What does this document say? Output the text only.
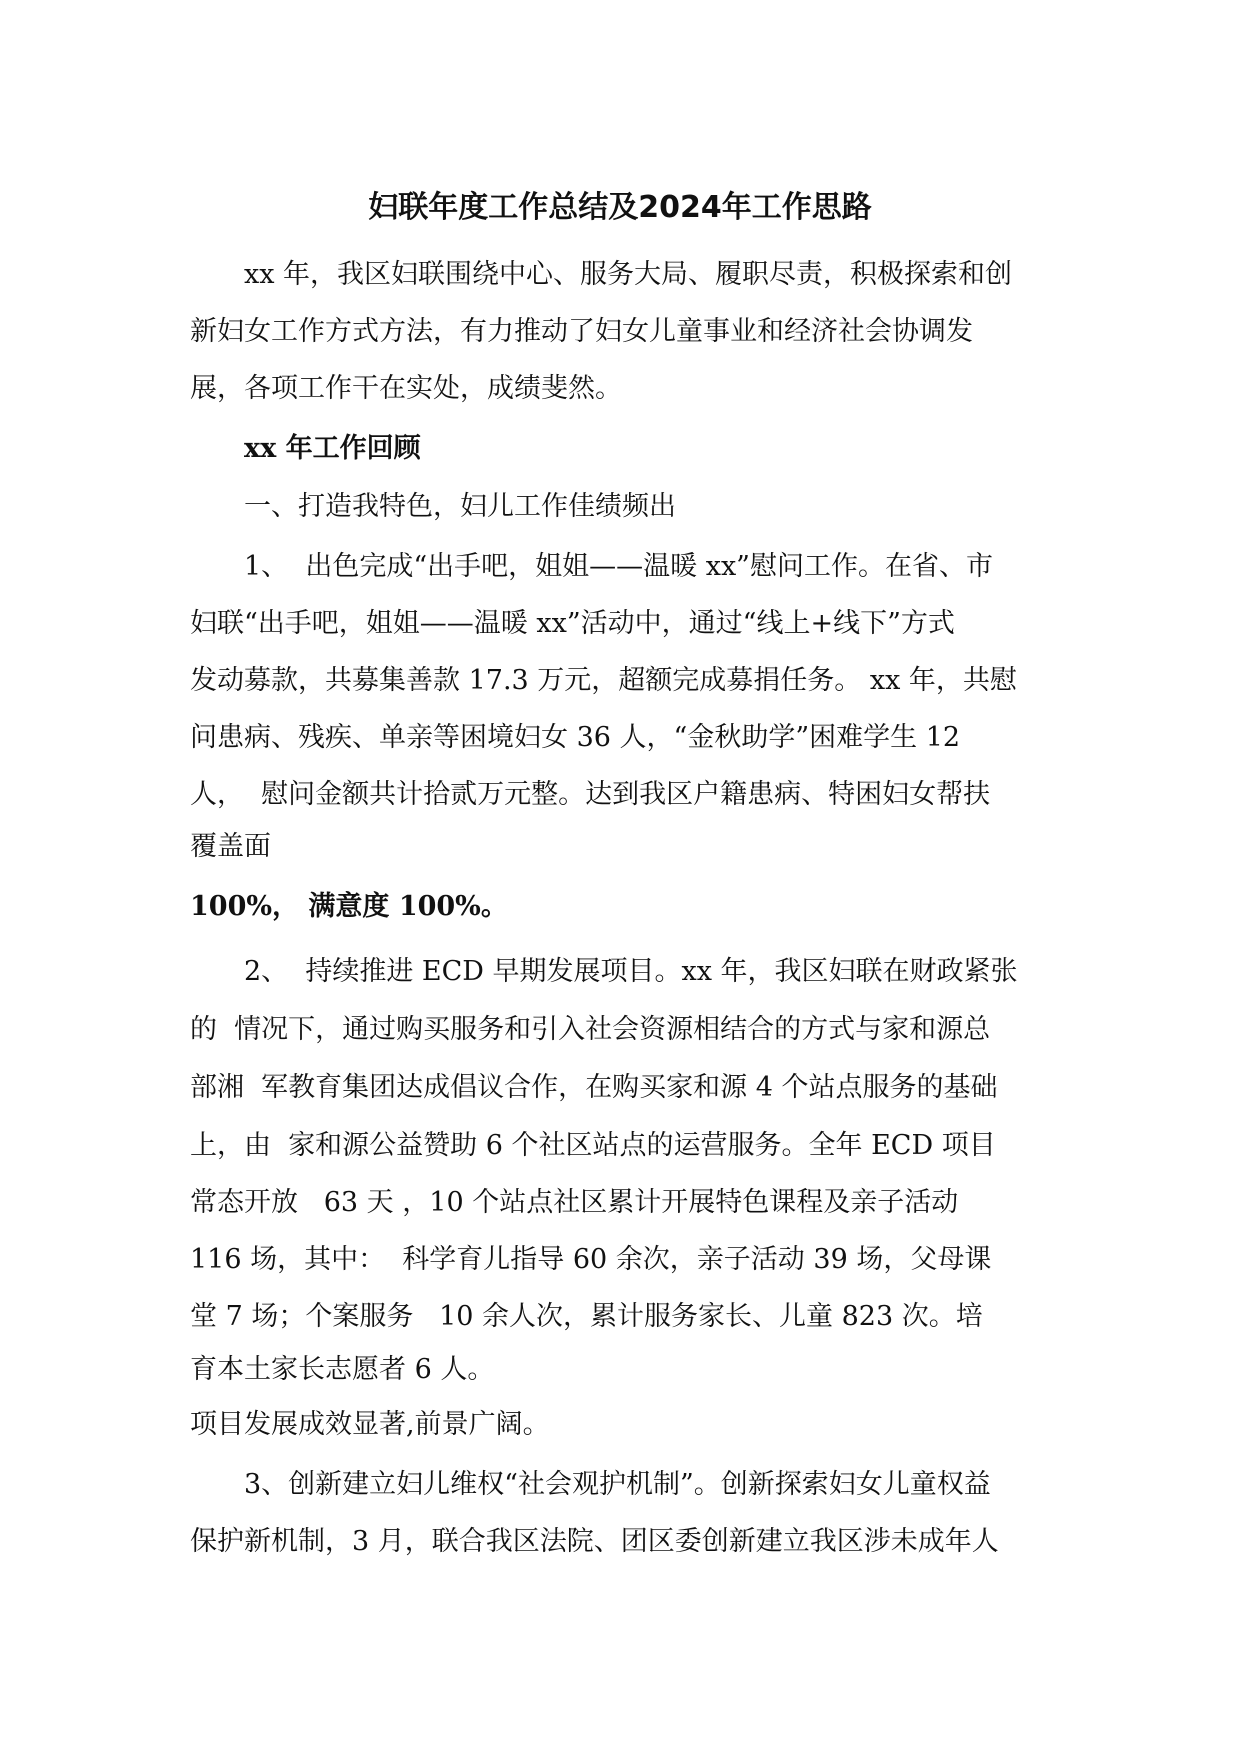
妇联年度工作总结及2024年工作思路
xx 年，我区妇联围绕中心、服务大局、履职尽责，积极探索和创
新妇女工作方式方法，有力推动了妇女儿童事业和经济社会协调发
展，各项工作干在实处，成绩斐然。
xx 年工作回顾
一、打造我特色，妇儿工作佳绩频出
1、  出色完成“出手吧，姐姐——温暖 xx”慰问工作。在省、市
妇联“出手吧，姐姐——温暖 xx”活动中，通过“线上+线下”方式
发动募款，共募集善款 17.3 万元，超额完成募捐任务。 xx 年，共慰
问患病、残疾、单亲等困境妇女 36 人，“金秋助学”困难学生 12
人，  慰问金额共计拾贰万元整。达到我区户籍患病、特困妇女帮扶
覆盖面
100%， 满意度 100%。
2、  持续推进 ECD 早期发展项目。xx 年，我区妇联在财政紧张
的  情况下，通过购买服务和引入社会资源相结合的方式与家和源总
部湘  军教育集团达成倡议合作，在购买家和源 4 个站点服务的基础
上，由  家和源公益赞助 6 个社区站点的运营服务。全年 ECD 项目
常态开放   63 天 ，10 个站点社区累计开展特色课程及亲子活动
116 场，其中：  科学育儿指导 60 余次，亲子活动 39 场，父母课
堂 7 场；个案服务   10 余人次，累计服务家长、儿童 823 次。培
育本土家长志愿者 6 人。
项目发展成效显著,前景广阔。
3、创新建立妇儿维权“社会观护机制”。创新探索妇女儿童权益
保护新机制，3 月，联合我区法院、团区委创新建立我区涉未成年人
